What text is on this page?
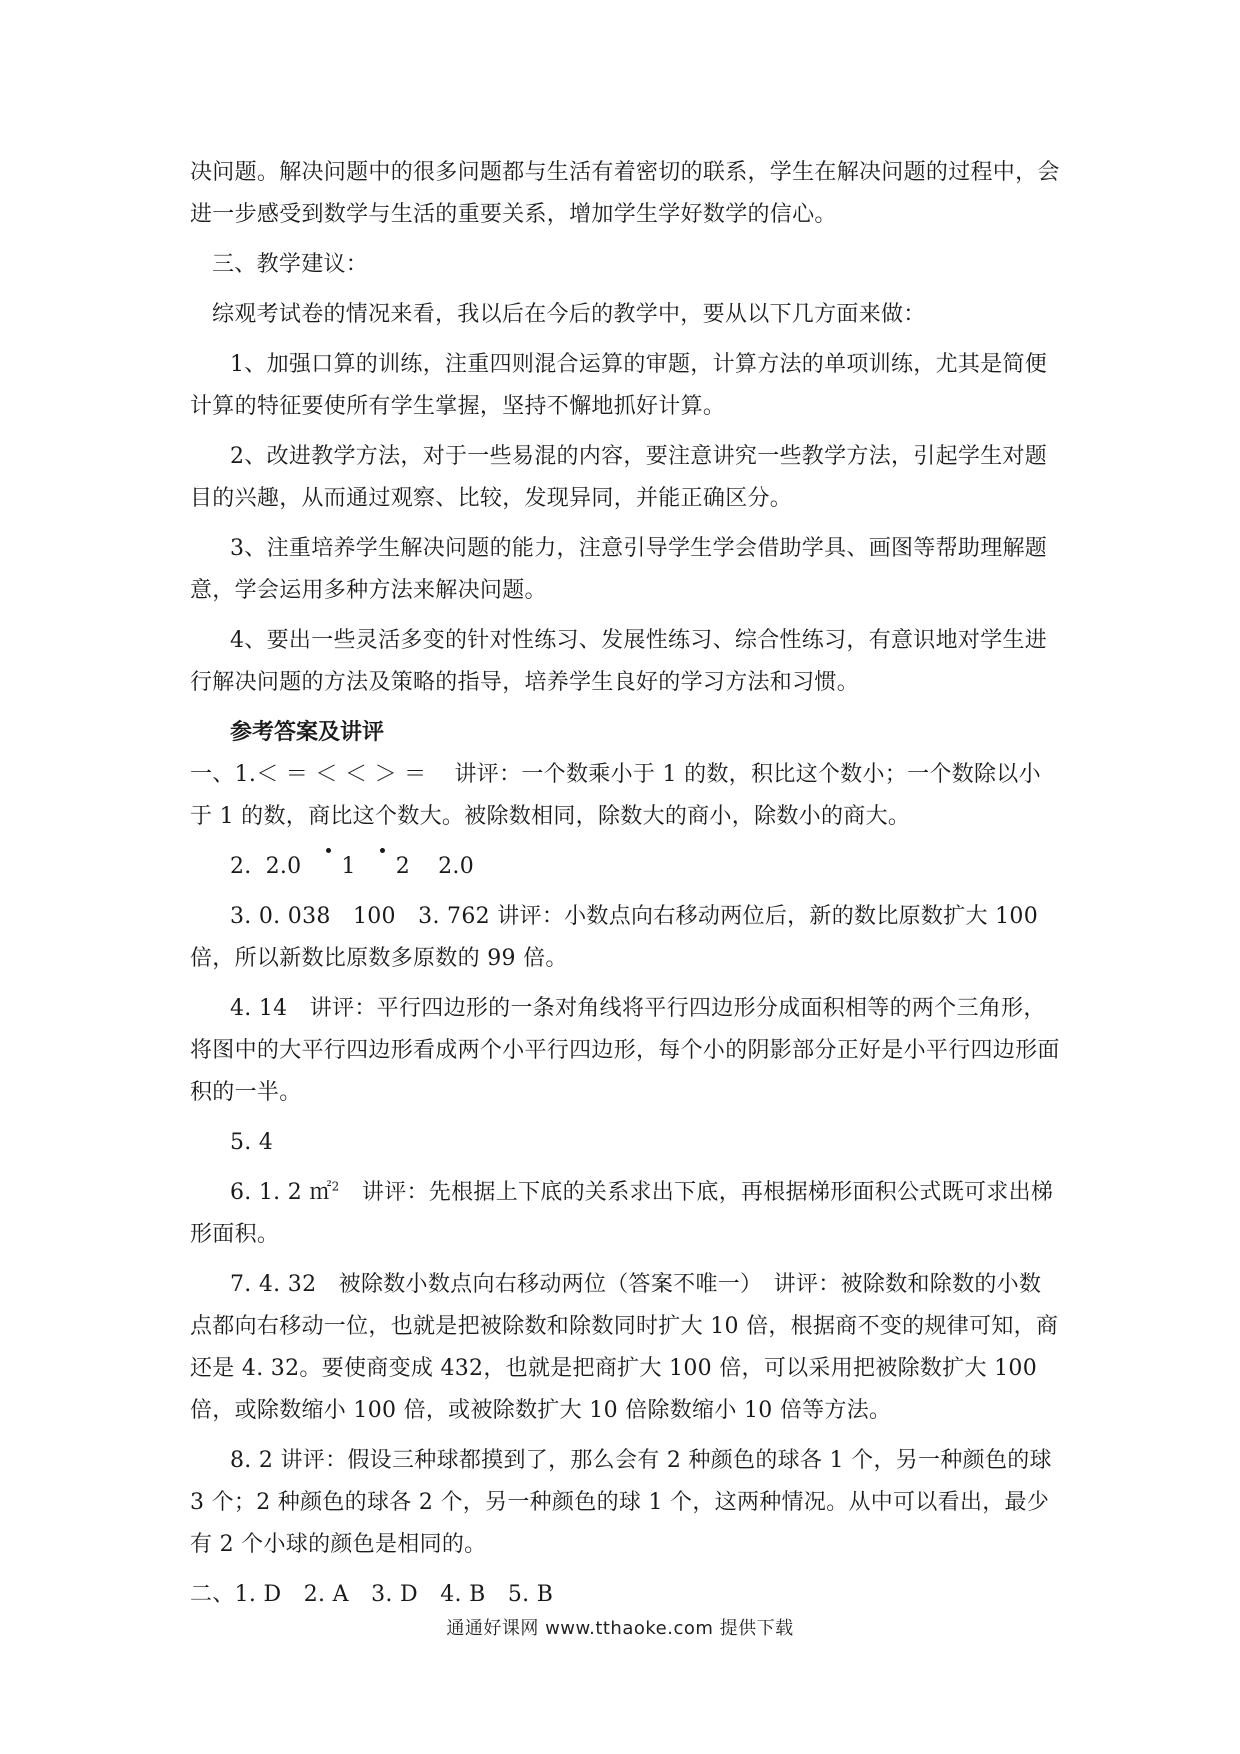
决问题。解决问题中的很多问题都与生活有着密切的联系，学生在解决问题的过程中，会进一步感受到数学与生活的重要关系，增加学生学好数学的信心。

三、教学建议：

综观考试卷的情况来看，我以后在今后的教学中，要从以下几方面来做：

1、加强口算的训练，注重四则混合运算的审题，计算方法的单项训练，尤其是简便计算的特征要使所有学生掌握，坚持不懈地抓好计算。

2、改进教学方法，对于一些易混的内容，要注意讲究一些教学方法，引起学生对题目的兴趣，从而通过观察、比较，发现异同，并能正确区分。

3、注重培养学生解决问题的能力，注意引导学生学会借助学具、画图等帮助理解题意，学会运用多种方法来解决问题。

4、要出一些灵活多变的针对性练习、发展性练习、综合性练习，有意识地对学生进行解决问题的方法及策略的指导，培养学生良好的学习方法和习惯。

参考答案及讲评

一、1.＜ ＝ ＜ ＜ ＞ ＝ 讲评：一个数乘小于 1 的数，积比这个数小；一个数除以小于 1 的数，商比这个数大。被除数相同，除数大的商小，除数小的商大。

2. 2.0 1 2 2.0

3. 0. 038　100　3. 762 讲评：小数点向右移动两位后，新的数比原数扩大 100 倍，所以新数比原数多原数的 99 倍。

4. 14　讲评：平行四边形的一条对角线将平行四边形分成面积相等的两个三角形，将图中的大平行四边形看成两个小平行四边形，每个小的阴影部分正好是小平行四边形面积的一半。

5. 4

6. 1. 2 ㎡$^2$　讲评：先根据上下底的关系求出下底，再根据梯形面积公式既可求出梯形面积。

7. 4. 32　被除数小数点向右移动两位（答案不唯一）　讲评：被除数和除数的小数点都向右移动一位，也就是把被除数和除数同时扩大 10 倍，根据商不变的规律可知，商还是 4. 32。要使商变成 432，也就是把商扩大 100 倍，可以采用把被除数扩大 100 倍，或除数缩小 100 倍，或被除数扩大 10 倍除数缩小 10 倍等方法。

8. 2 讲评：假设三种球都摸到了，那么会有 2 种颜色的球各 1 个，另一种颜色的球 3 个；2 种颜色的球各 2 个，另一种颜色的球 1 个，这两种情况。从中可以看出，最少有 2 个小球的颜色是相同的。

二、1. D　2. A　3. D　4. B　5. B

通通好课网 www.tthaoke.com 提供下载
